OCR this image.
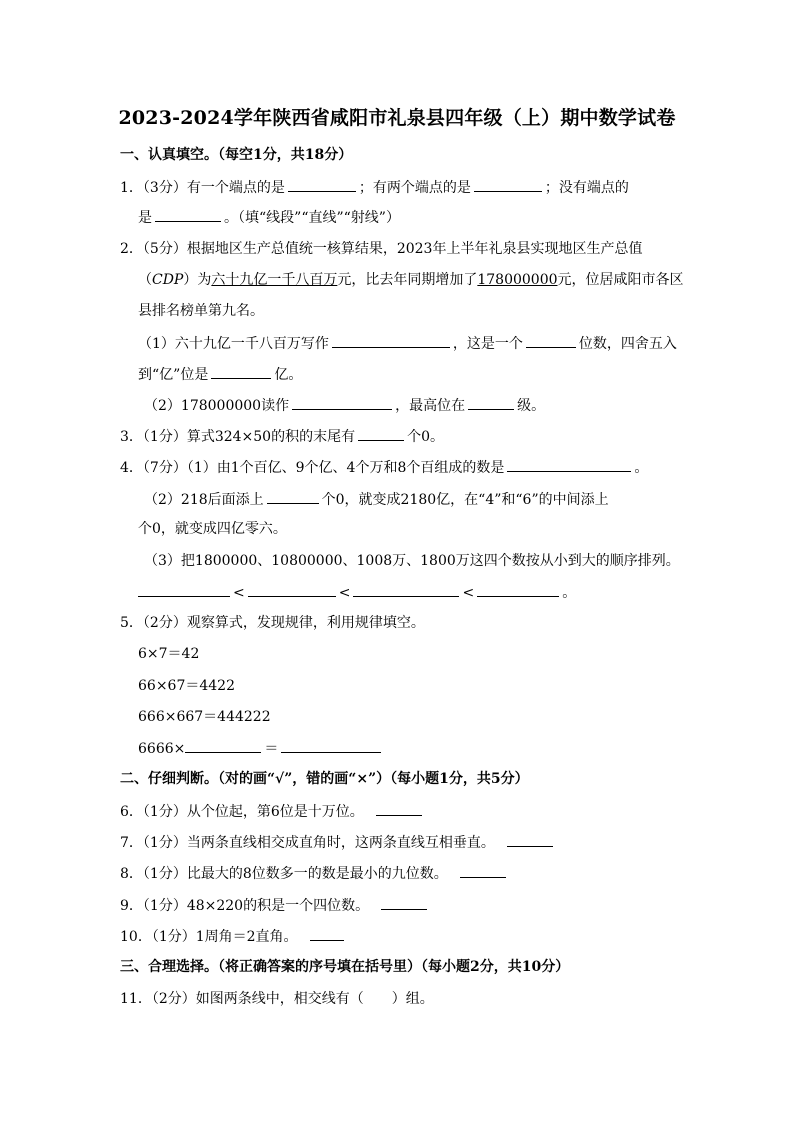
2023-2024学年陕西省咸阳市礼泉县四年级（上）期中数学试卷
一、认真填空。（每空1分，共18分）
1．（3分）有一个端点的是	；有两个端点的是	；没有端点的
是	。（填“线段”“直线”“射线”）
2．（5分）根据地区生产总值统一核算结果，2023年上半年礼泉县实现地区生产总值
（CDP）为六十九亿一千八百万元，比去年同期增加了178000000元，位居咸阳市各区
县排名榜单第九名。
（1）六十九亿一千八百万写作	，这是一个	位数，四舍五入
到“亿”位是	亿。
（2）178000000读作	，最高位在	级。
3．（1分）算式324×50的积的末尾有	个0。
4．（7分）（1）由1个百亿、9个亿、4个万和8个百组成的数是	。
（2）218后面添上	个0，就变成2180亿，在“4”和“6”的中间添上
个0，就变成四亿零六。
（3）把1800000、10800000、1008万、1800万这四个数按从小到大的顺序排列。
<	<	<	。
5．（2分）观察算式，发现规律，利用规律填空。
6×7＝42
66×67＝4422
666×667＝444222
6666×	＝
二、仔细判断。（对的画“√”，错的画“×”）（每小题1分，共5分）
6．（1分）从个位起，第6位是十万位。
7．（1分）当两条直线相交成直角时，这两条直线互相垂直。
8．（1分）比最大的8位数多一的数是最小的九位数。
9．（1分）48×220的积是一个四位数。
10．（1分）1周角＝2直角。
三、合理选择。（将正确答案的序号填在括号里）（每小题2分，共10分）
11．（2分）如图两条线中，相交线有（　　）组。
